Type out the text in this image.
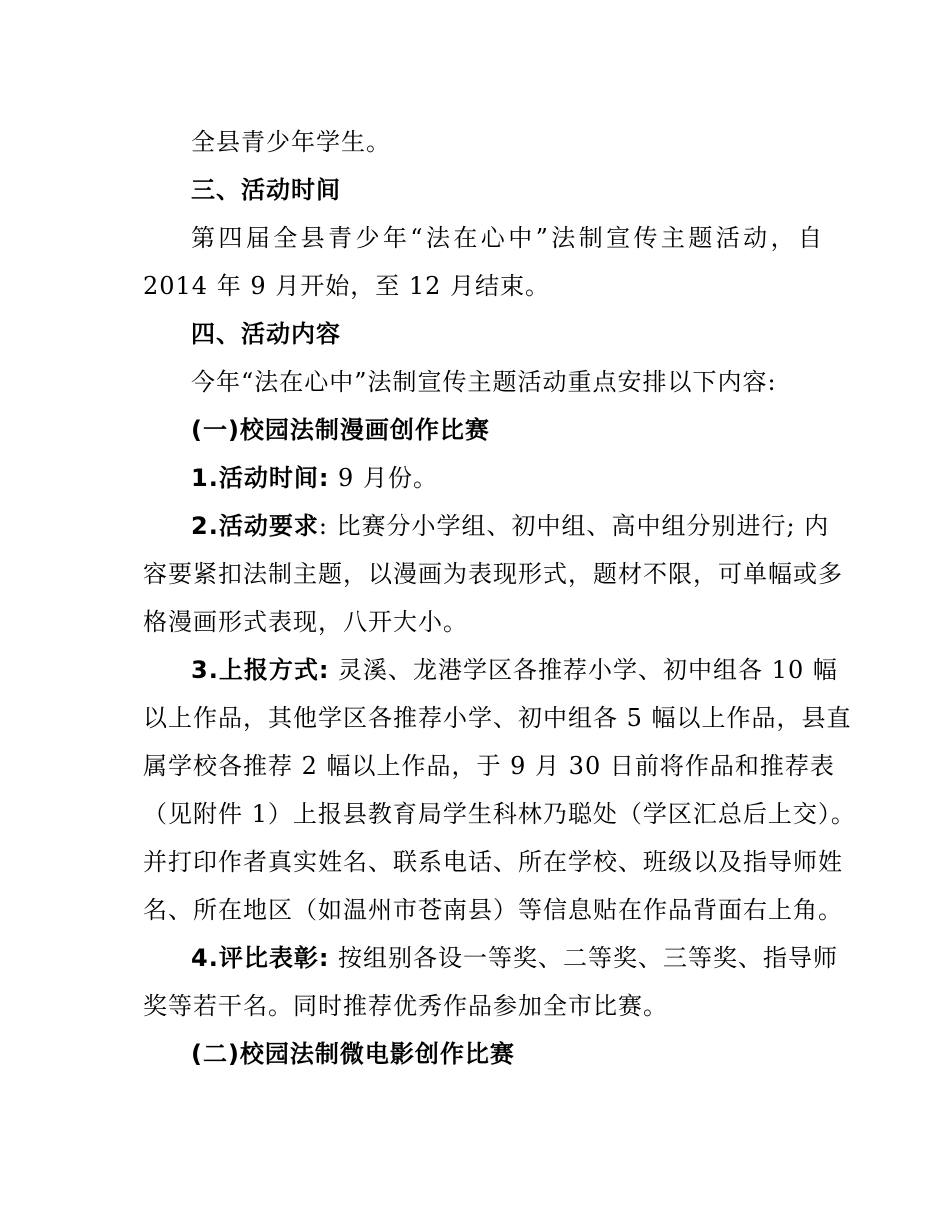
全县青少年学生。
三、活动时间
第四届全县青少年“法在心中”法制宣传主题活动，自
2014 年 9 月开始，至 12 月结束。
四、活动内容
今年“法在心中”法制宣传主题活动重点安排以下内容:
(一)校园法制漫画创作比赛
1.活动时间: 9 月份。
2.活动要求: 比赛分小学组、初中组、高中组分别进行; 内
容要紧扣法制主题，以漫画为表现形式，题材不限，可单幅或多
格漫画形式表现，八开大小。
3.上报方式: 灵溪、龙港学区各推荐小学、初中组各 10 幅
以上作品，其他学区各推荐小学、初中组各 5 幅以上作品，县直
属学校各推荐 2 幅以上作品，于 9 月 30 日前将作品和推荐表
（见附件 1）上报县教育局学生科林乃聪处（学区汇总后上交）。
并打印作者真实姓名、联系电话、所在学校、班级以及指导师姓
名、所在地区（如温州市苍南县）等信息贴在作品背面右上角。
4.评比表彰: 按组别各设一等奖、二等奖、三等奖、指导师
奖等若干名。同时推荐优秀作品参加全市比赛。
(二)校园法制微电影创作比赛
